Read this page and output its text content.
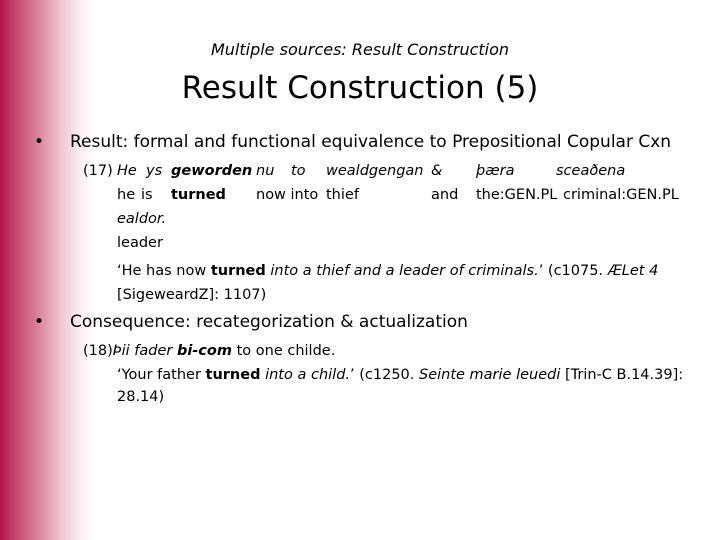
Multiple sources: Result Construction
Result Construction (5)
• Result: formal and functional equivalence to Prepositional Copular Cxn
(17) He ys geworden nu to wealdgengan & þæra	sceaðena
he is turned now into thief	and the:GEN.PL criminal:GEN.PL
ealdor.
leader
‘He has now turned into a thief and a leader of criminals.’ (c1075. ÆLet 4
[SigeweardZ]: 1107)
• Consequence: recategorization & actualization
(18)Þii fader bi-com to one childe.
‘Your father turned into a child.’ (c1250. Seinte marie leuedi [Trin-C B.14.39]:
28.14)
